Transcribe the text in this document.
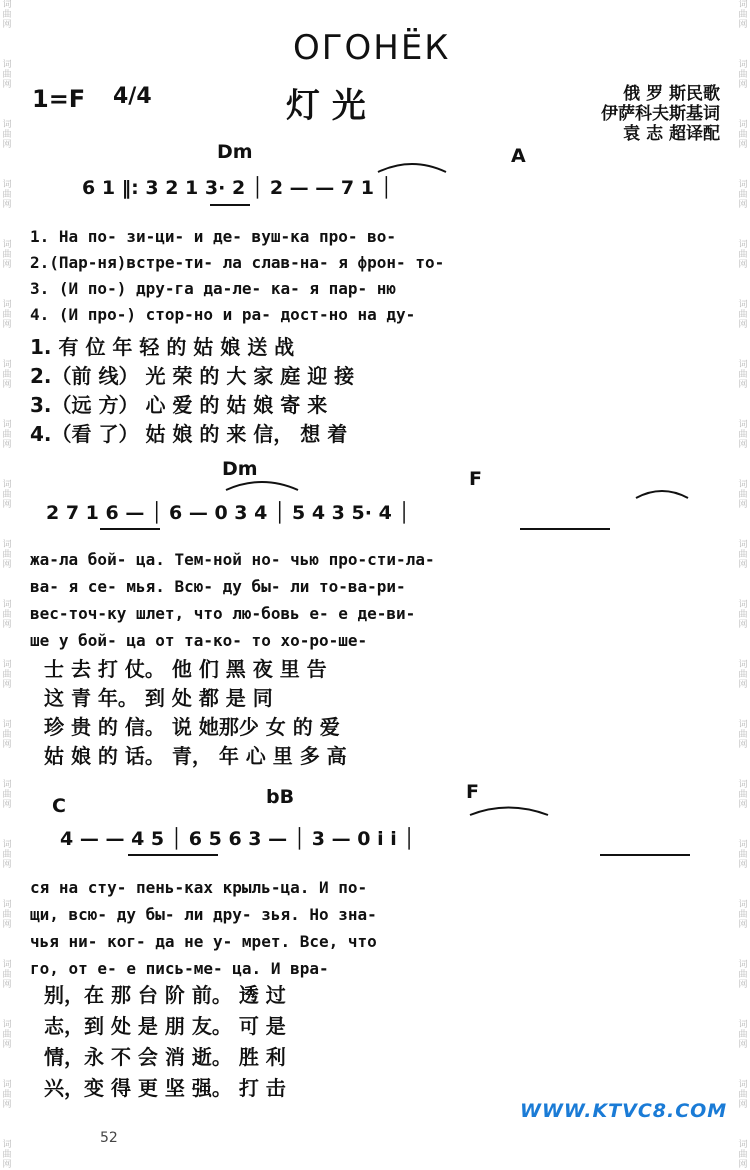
词
曲
网
词
曲
网
词
曲
网
词
曲
网
词
曲
网
词
曲
网
词
曲
网
词
曲
网
词
曲
网
词
曲
网
词
曲
网
词
曲
网
词
曲
网
词
曲
网
词
曲
网
词
曲
网
词
曲
网
词
曲
网
词
曲
网
词
曲
网
词
曲
网
词
曲
网
词
曲
网
词
曲
网
词
曲
网
词
曲
网
词
曲
网
词
曲
网
词
曲
网
词
曲
网
词
曲
网
词
曲
网
词
曲
网
词
曲
网
词
曲
网
词
曲
网
词
曲
网
词
曲
网
词
曲
网
词
曲
网
ОГОНЁК
灯 光
1=F 4/4	俄 罗 斯民歌
伊萨科夫斯基词
袁 志 超译配
Dm	A
6 1 ‖: 3 2 1 3· 2 │ 2 — — 7 1 │
1. На по- зи-ци- и де- вуш-ка про- во-
2.(Пар-ня)встре-ти- ла слав-на- я фрон- то-
3. (И по-) дру-га да-ле- ка- я пар- ню
4. (И про-) стор-но и ра- дост-но на ду-
1. 有 位 年 轻 的 姑 娘 送 战
2.（前 线） 光 荣 的 大 家 庭 迎 接
3.（远 方） 心 爱 的 姑 娘 寄 来
4.（看 了） 姑 娘 的 来 信， 想 着
Dm	F
2 7 1 6 — │ 6 — 0 3 4 │ 5 4 3 5· 4 │
жа-ла бой- ца. Тем-ной но- чью про-сти-ла-
ва- я се- мья. Всю- ду бы- ли то-ва-ри-
вес-точ-ку шлет, что лю-бовь е- е де-ви-
ше у бой- ца от та-ко- то хо-ро-ше-
士 去 打 仗。 他 们 黑 夜 里 告
这 青 年。 到 处 都 是 同
珍 贵 的 信。 说 她那少 女 的 爱
姑 娘 的 话。 青， 年 心 里 多 高
C	bB	F
4 — — 4 5 │ 6 5 6 3 — │ 3 — 0 i i │
ся на сту- пень-ках крыль-ца. И по-
щи, всю- ду бы- ли дру- зья. Но зна-
чья ни- ког- да не у- мрет. Все, что
го, от е- е пись-ме- ца. И вра-
别，在 那 台 阶 前。 透 过
志，到 处 是 朋 友。 可 是
情，永 不 会 消 逝。 胜 利
兴，变 得 更 坚 强。 打 击
WWW.KTVC8.COM
52
